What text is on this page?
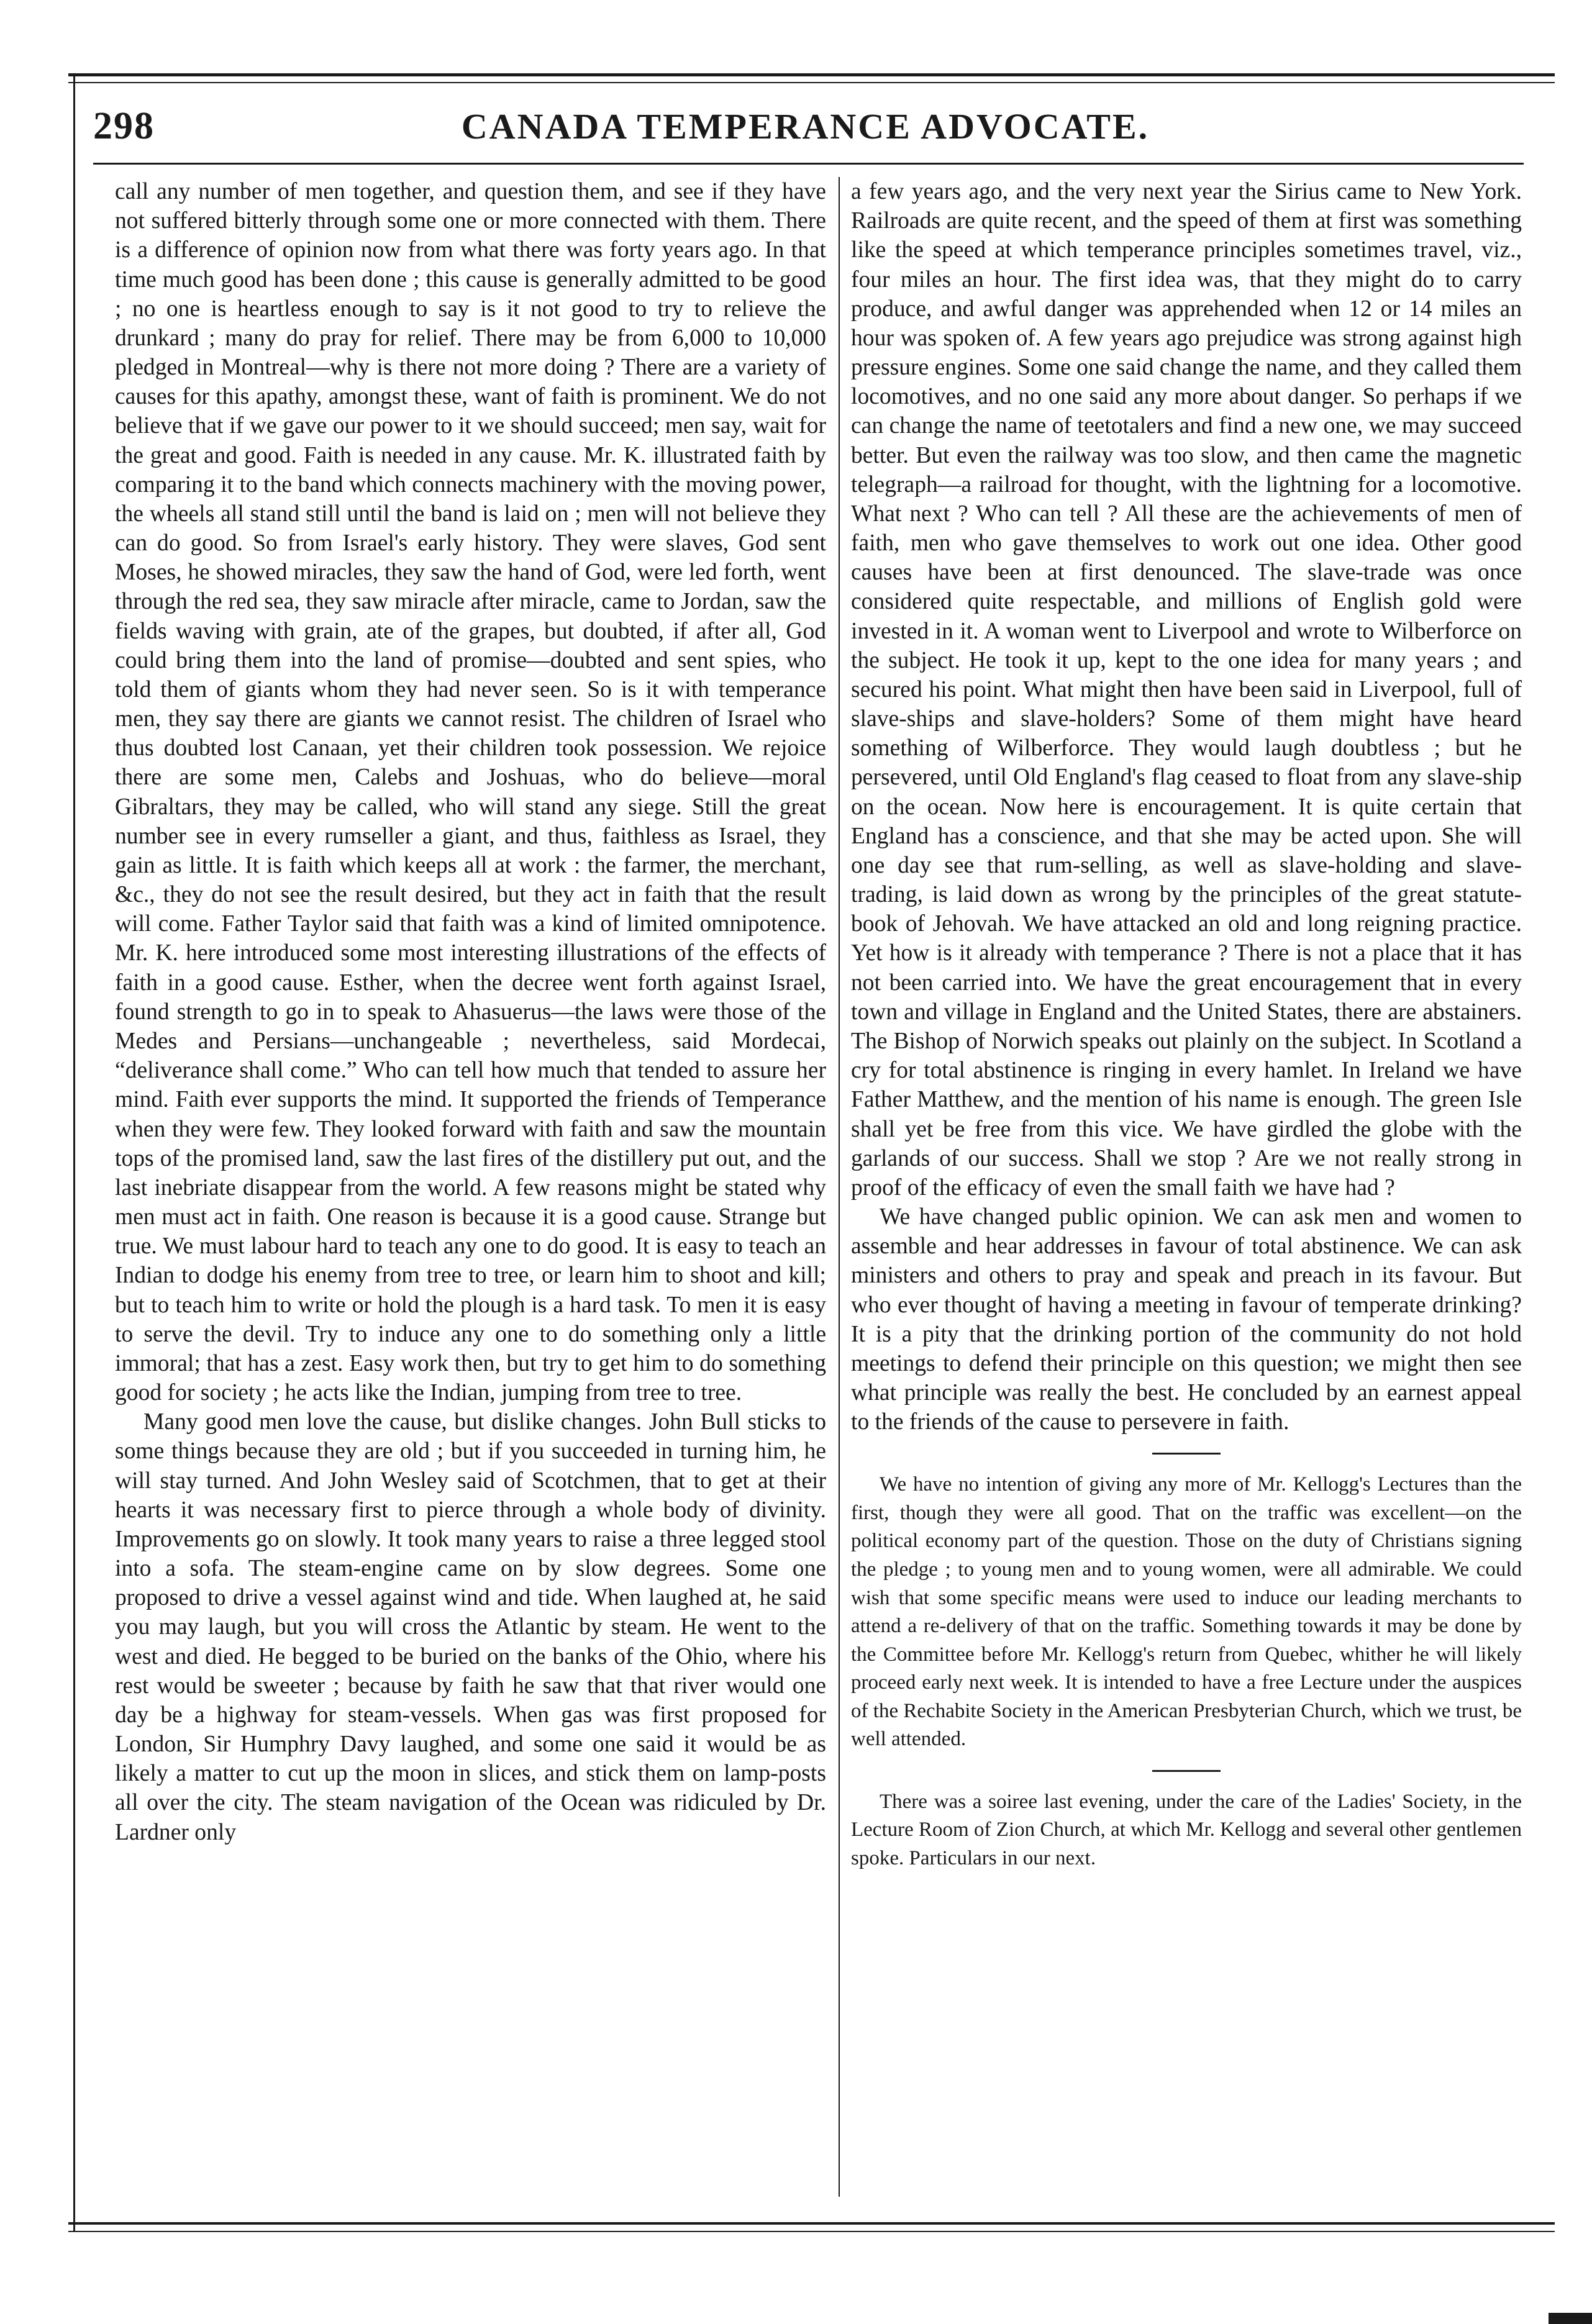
298	CANADA TEMPERANCE ADVOCATE.

call any number of men together, and question them, and see if they have not suffered bitterly through some one or more connected with them. There is a difference of opinion now from what there was forty years ago. In that time much good has been done ; this cause is generally admitted to be good ; no one is heartless enough to say is it not good to try to relieve the drunkard ; many do pray for relief. There may be from 6,000 to 10,000 pledged in Montreal—why is there not more doing ? There are a variety of causes for this apathy, amongst these, want of faith is prominent. We do not believe that if we gave our power to it we should succeed; men say, wait for the great and good. Faith is needed in any cause. Mr. K. illustrated faith by comparing it to the band which connects machinery with the moving power, the wheels all stand still until the band is laid on ; men will not believe they can do good. So from Israel's early history. They were slaves, God sent Moses, he showed miracles, they saw the hand of God, were led forth, went through the red sea, they saw miracle after miracle, came to Jordan, saw the fields waving with grain, ate of the grapes, but doubted, if after all, God could bring them into the land of promise—doubted and sent spies, who told them of giants whom they had never seen. So is it with temperance men, they say there are giants we cannot resist. The children of Israel who thus doubted lost Canaan, yet their children took possession. We rejoice there are some men, Calebs and Joshuas, who do believe—moral Gibraltars, they may be called, who will stand any siege. Still the great number see in every rumseller a giant, and thus, faithless as Israel, they gain as little. It is faith which keeps all at work : the farmer, the merchant, &c., they do not see the result desired, but they act in faith that the result will come. Father Taylor said that faith was a kind of limited omnipotence. Mr. K. here introduced some most interesting illustrations of the effects of faith in a good cause. Esther, when the decree went forth against Israel, found strength to go in to speak to Ahasuerus—the laws were those of the Medes and Persians—unchangeable ; nevertheless, said Mordecai, “deliverance shall come.” Who can tell how much that tended to assure her mind. Faith ever supports the mind. It supported the friends of Temperance when they were few. They looked forward with faith and saw the mountain tops of the promised land, saw the last fires of the distillery put out, and the last inebriate disappear from the world. A few reasons might be stated why men must act in faith. One reason is because it is a good cause. Strange but true. We must labour hard to teach any one to do good. It is easy to teach an Indian to dodge his enemy from tree to tree, or learn him to shoot and kill; but to teach him to write or hold the plough is a hard task. To men it is easy to serve the devil. Try to induce any one to do something only a little immoral; that has a zest. Easy work then, but try to get him to do something good for society ; he acts like the Indian, jumping from tree to tree.

Many good men love the cause, but dislike changes. John Bull sticks to some things because they are old ; but if you succeeded in turning him, he will stay turned. And John Wesley said of Scotchmen, that to get at their hearts it was necessary first to pierce through a whole body of divinity. Improvements go on slowly. It took many years to raise a three legged stool into a sofa. The steam-engine came on by slow degrees. Some one proposed to drive a vessel against wind and tide. When laughed at, he said you may laugh, but you will cross the Atlantic by steam. He went to the west and died. He begged to be buried on the banks of the Ohio, where his rest would be sweeter ; because by faith he saw that that river would one day be a highway for steam-vessels. When gas was first proposed for London, Sir Humphry Davy laughed, and some one said it would be as likely a matter to cut up the moon in slices, and stick them on lamp-posts all over the city. The steam navigation of the Ocean was ridiculed by Dr. Lardner only

a few years ago, and the very next year the Sirius came to New York. Railroads are quite recent, and the speed of them at first was something like the speed at which temperance principles sometimes travel, viz., four miles an hour. The first idea was, that they might do to carry produce, and awful danger was apprehended when 12 or 14 miles an hour was spoken of. A few years ago prejudice was strong against high pressure engines. Some one said change the name, and they called them locomotives, and no one said any more about danger. So perhaps if we can change the name of teetotalers and find a new one, we may succeed better. But even the railway was too slow, and then came the magnetic telegraph—a railroad for thought, with the lightning for a locomotive. What next ? Who can tell ? All these are the achievements of men of faith, men who gave themselves to work out one idea. Other good causes have been at first denounced. The slave-trade was once considered quite respectable, and millions of English gold were invested in it. A woman went to Liverpool and wrote to Wilberforce on the subject. He took it up, kept to the one idea for many years ; and secured his point. What might then have been said in Liverpool, full of slave-ships and slave-holders? Some of them might have heard something of Wilberforce. They would laugh doubtless ; but he persevered, until Old England's flag ceased to float from any slave-ship on the ocean. Now here is encouragement. It is quite certain that England has a conscience, and that she may be acted upon. She will one day see that rum-selling, as well as slave-holding and slave-trading, is laid down as wrong by the principles of the great statute-book of Jehovah. We have attacked an old and long reigning practice. Yet how is it already with temperance ? There is not a place that it has not been carried into. We have the great encouragement that in every town and village in England and the United States, there are abstainers. The Bishop of Norwich speaks out plainly on the subject. In Scotland a cry for total abstinence is ringing in every hamlet. In Ireland we have Father Matthew, and the mention of his name is enough. The green Isle shall yet be free from this vice. We have girdled the globe with the garlands of our success. Shall we stop ? Are we not really strong in proof of the efficacy of even the small faith we have had ?

We have changed public opinion. We can ask men and women to assemble and hear addresses in favour of total abstinence. We can ask ministers and others to pray and speak and preach in its favour. But who ever thought of having a meeting in favour of temperate drinking? It is a pity that the drinking portion of the community do not hold meetings to defend their principle on this question; we might then see what principle was really the best. He concluded by an earnest appeal to the friends of the cause to persevere in faith.

We have no intention of giving any more of Mr. Kellogg's Lectures than the first, though they were all good. That on the traffic was excellent—on the political economy part of the question. Those on the duty of Christians signing the pledge ; to young men and to young women, were all admirable. We could wish that some specific means were used to induce our leading merchants to attend a re-delivery of that on the traffic. Something towards it may be done by the Committee before Mr. Kellogg's return from Quebec, whither he will likely proceed early next week. It is intended to have a free Lecture under the auspices of the Rechabite Society in the American Presbyterian Church, which we trust, be well attended.

There was a soiree last evening, under the care of the Ladies' Society, in the Lecture Room of Zion Church, at which Mr. Kellogg and several other gentlemen spoke. Particulars in our next.
